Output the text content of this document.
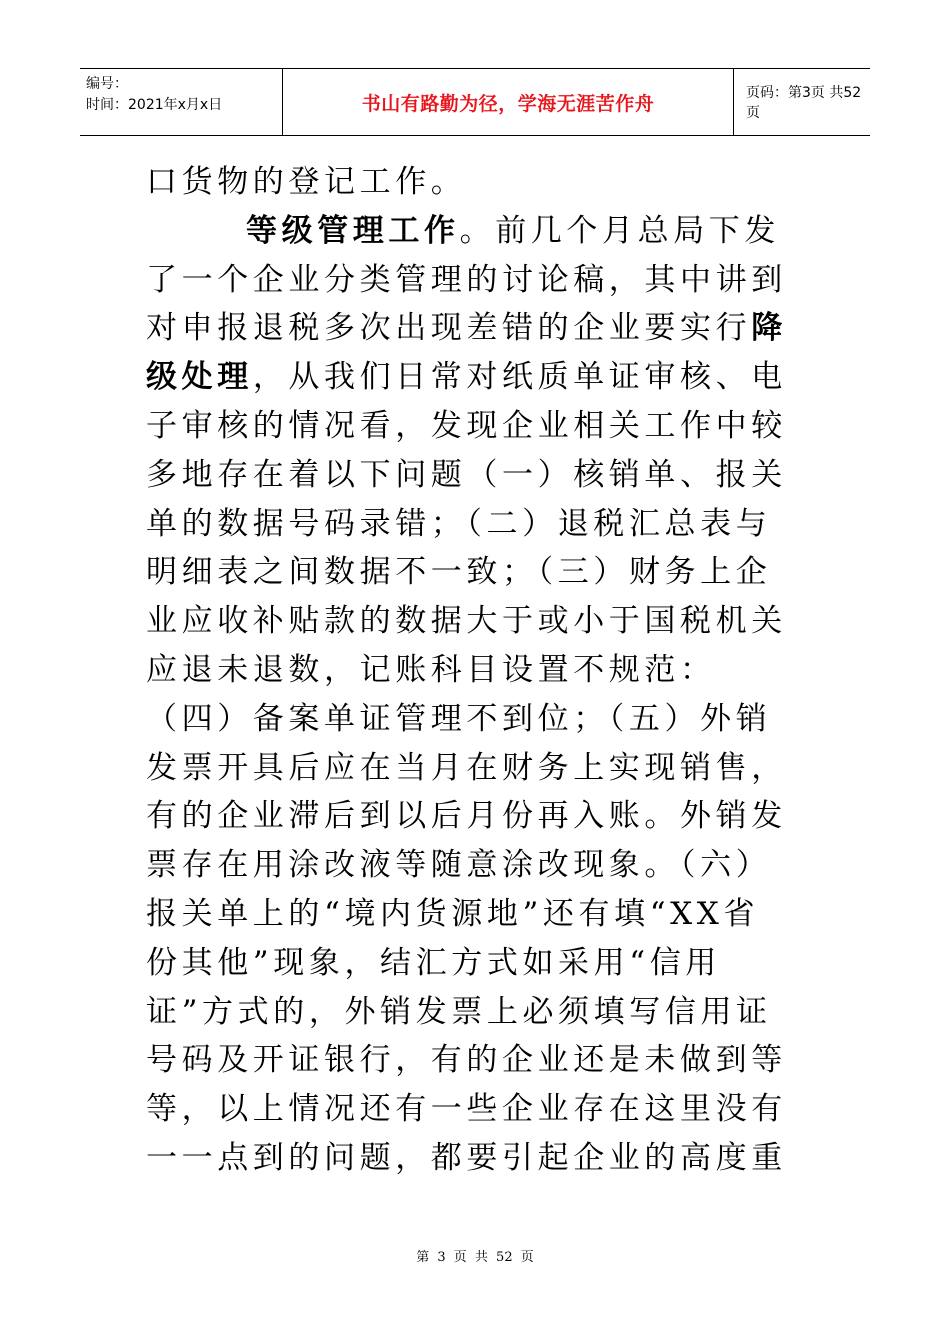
编号：
时间：2021年x月x日	书山有路勤为径，学海无涯苦作舟	页码：第3页 共52页
口货物的登记工作。
等级管理工作。前几个月总局下发
了一个企业分类管理的讨论稿，其中讲到
对申报退税多次出现差错的企业要实行降
级处理，从我们日常对纸质单证审核、电
子审核的情况看，发现企业相关工作中较
多地存在着以下问题（一）核销单、报关
单的数据号码录错；（二）退税汇总表与
明细表之间数据不一致；（三）财务上企
业应收补贴款的数据大于或小于国税机关
应退未退数，记账科目设置不规范：
（四）备案单证管理不到位；（五）外销
发票开具后应在当月在财务上实现销售，
有的企业滞后到以后月份再入账。外销发
票存在用涂改液等随意涂改现象。（六）
报关单上的“境内货源地”还有填“XX省
份其他”现象，结汇方式如采用“信用
证”方式的，外销发票上必须填写信用证
号码及开证银行，有的企业还是未做到等
等，以上情况还有一些企业存在这里没有
一一点到的问题，都要引起企业的高度重
第 3 页 共 52 页
